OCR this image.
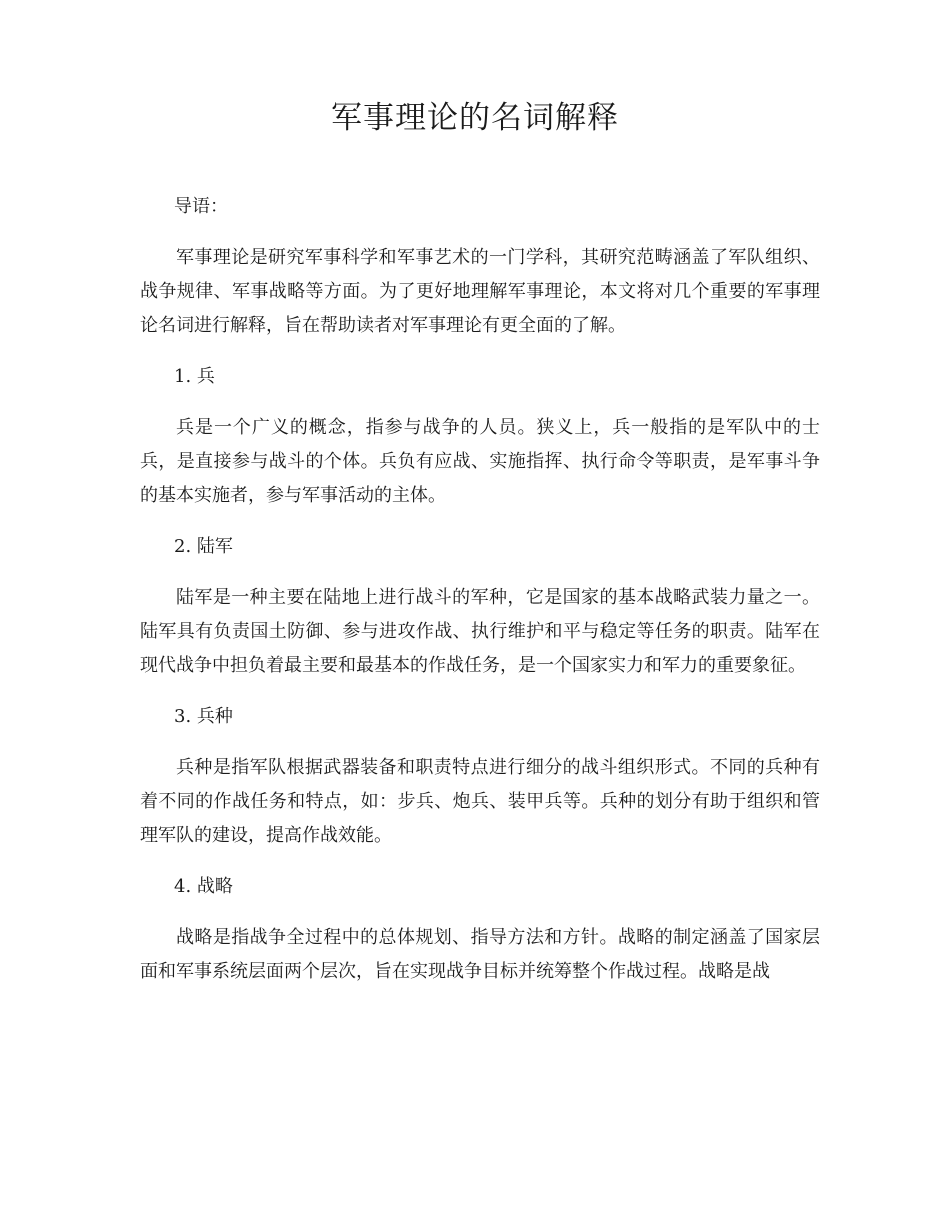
军事理论的名词解释

导语：

军事理论是研究军事科学和军事艺术的一门学科，其研究范畴涵盖了军队组织、战争规律、军事战略等方面。为了更好地理解军事理论，本文将对几个重要的军事理论名词进行解释，旨在帮助读者对军事理论有更全面的了解。

1. 兵

兵是一个广义的概念，指参与战争的人员。狭义上，兵一般指的是军队中的士兵，是直接参与战斗的个体。兵负有应战、实施指挥、执行命令等职责，是军事斗争的基本实施者，参与军事活动的主体。

2. 陆军

陆军是一种主要在陆地上进行战斗的军种，它是国家的基本战略武装力量之一。陆军具有负责国土防御、参与进攻作战、执行维护和平与稳定等任务的职责。陆军在现代战争中担负着最主要和最基本的作战任务，是一个国家实力和军力的重要象征。

3. 兵种

兵种是指军队根据武器装备和职责特点进行细分的战斗组织形式。不同的兵种有着不同的作战任务和特点，如：步兵、炮兵、装甲兵等。兵种的划分有助于组织和管理军队的建设，提高作战效能。

4. 战略

战略是指战争全过程中的总体规划、指导方法和方针。战略的制定涵盖了国家层面和军事系统层面两个层次，旨在实现战争目标并统筹整个作战过程。战略是战
